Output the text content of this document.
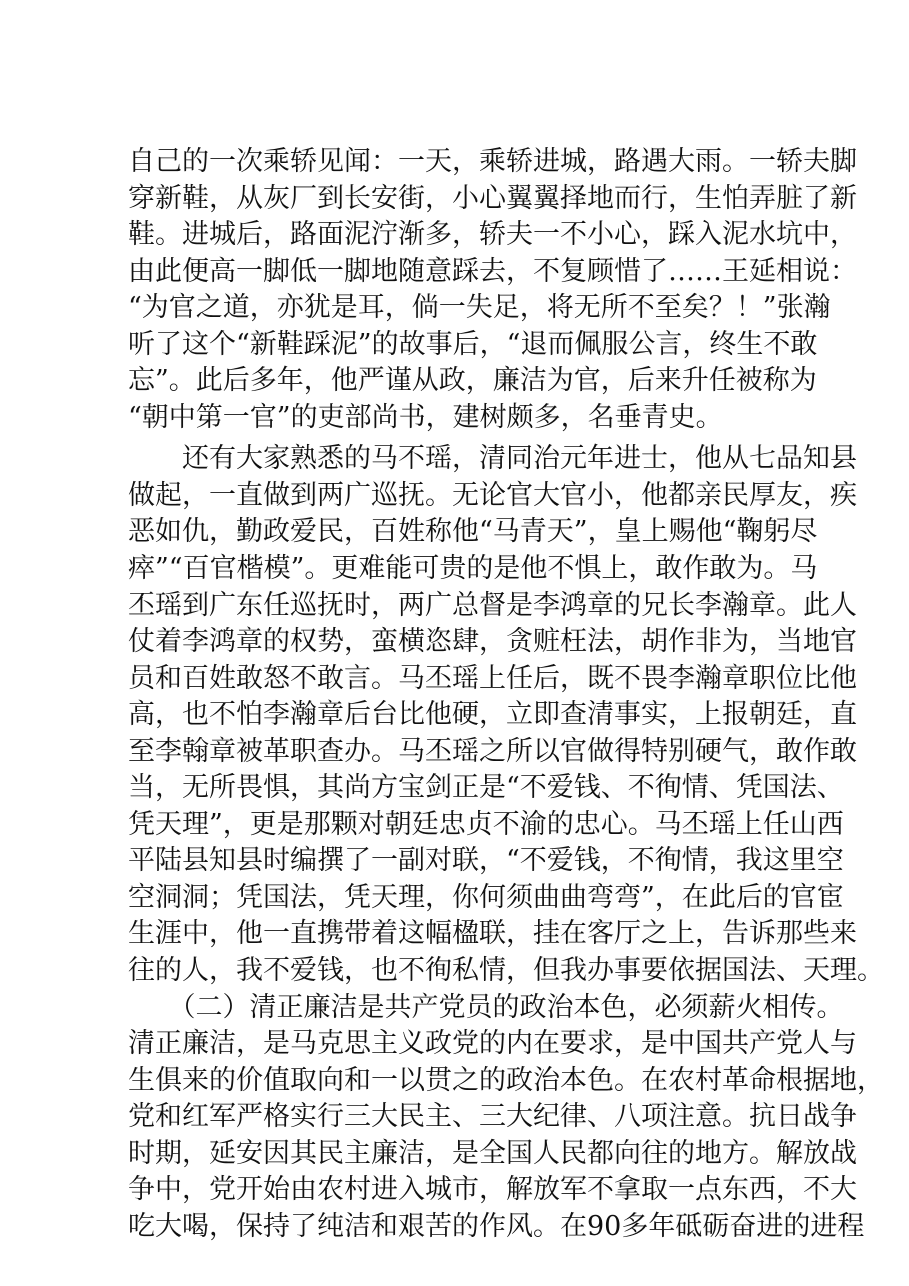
自己的一次乘轿见闻：一天，乘轿进城，路遇大雨。一轿夫脚
穿新鞋，从灰厂到长安街，小心翼翼择地而行，生怕弄脏了新
鞋。进城后，路面泥泞渐多，轿夫一不小心，踩入泥水坑中，
由此便高一脚低一脚地随意踩去，不复顾惜了……王延相说：
“为官之道，亦犹是耳，倘一失足，将无所不至矣？！”张瀚
听了这个“新鞋踩泥”的故事后，“退而佩服公言，终生不敢
忘”。此后多年，他严谨从政，廉洁为官，后来升任被称为
“朝中第一官”的吏部尚书，建树颇多，名垂青史。
　　还有大家熟悉的马不瑶，清同治元年进士，他从七品知县
做起，一直做到两广巡抚。无论官大官小，他都亲民厚友，疾
恶如仇，勤政爱民，百姓称他“马青天”，皇上赐他“鞠躬尽
瘁”“百官楷模”。更难能可贵的是他不惧上，敢作敢为。马
丕瑶到广东任巡抚时，两广总督是李鸿章的兄长李瀚章。此人
仗着李鸿章的权势，蛮横恣肆，贪赃枉法，胡作非为，当地官
员和百姓敢怒不敢言。马丕瑶上任后，既不畏李瀚章职位比他
高，也不怕李瀚章后台比他硬，立即查清事实，上报朝廷，直
至李翰章被革职查办。马丕瑶之所以官做得特别硬气，敢作敢
当，无所畏惧，其尚方宝剑正是“不爱钱、不徇情、凭国法、
凭天理”，更是那颗对朝廷忠贞不渝的忠心。马丕瑶上任山西
平陆县知县时编撰了一副对联，“不爱钱，不徇情，我这里空
空洞洞；凭国法，凭天理，你何须曲曲弯弯”，在此后的官宦
生涯中，他一直携带着这幅楹联，挂在客厅之上，告诉那些来
往的人，我不爱钱，也不徇私情，但我办事要依据国法、天理。
　　（二）清正廉洁是共产党员的政治本色，必须薪火相传。
清正廉洁，是马克思主义政党的内在要求，是中国共产党人与
生俱来的价值取向和一以贯之的政治本色。在农村革命根据地，
党和红军严格实行三大民主、三大纪律、八项注意。抗日战争
时期，延安因其民主廉洁，是全国人民都向往的地方。解放战
争中，党开始由农村进入城市，解放军不拿取一点东西，不大
吃大喝，保持了纯洁和艰苦的作风。在90多年砥砺奋进的进程
